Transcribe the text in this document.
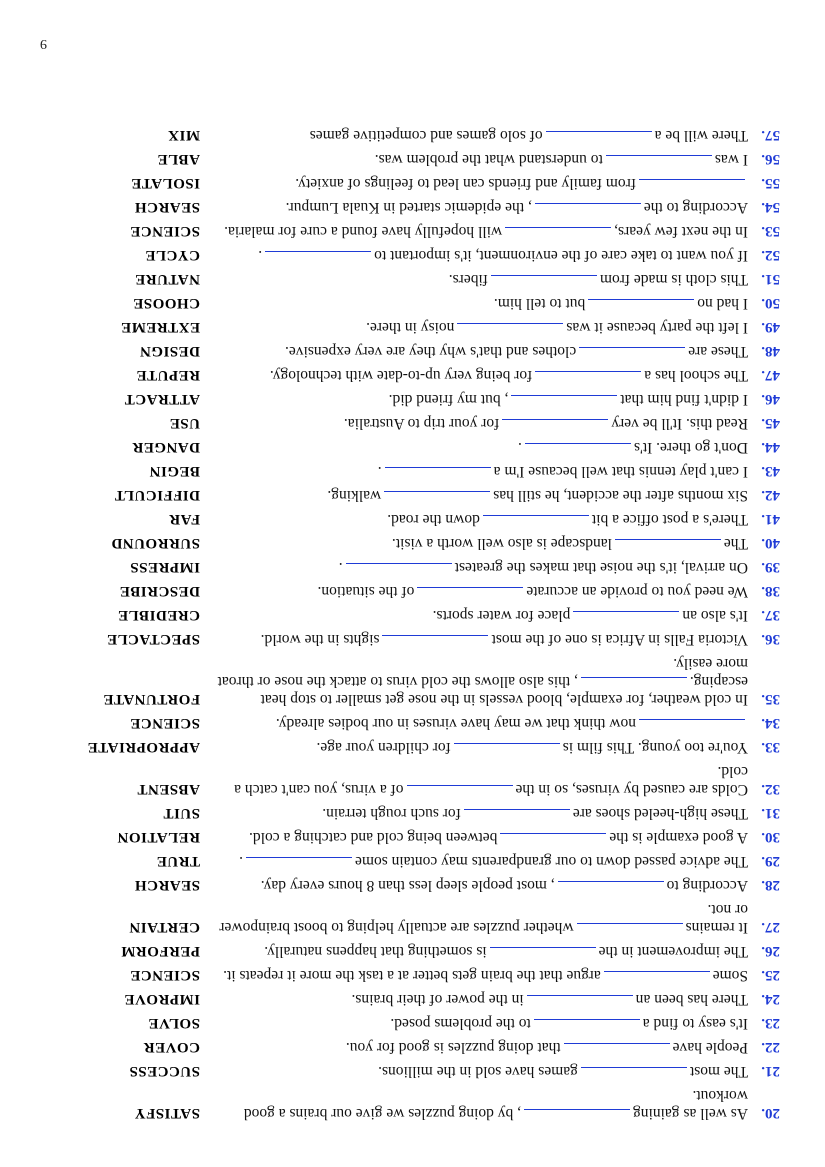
20.
As well as gaining, by doing puzzles we give our brains a good workout.
SATISFY
21.
The mostgames have sold in the millions.
SUCCESS
22.
People havethat doing puzzles is good for you.
COVER
23.
It's easy to find ato the problems posed.
SOLVE
24.
There has been anin the power of their brains.
IMPROVE
25.
Someargue that the brain gets better at a task the more it repeats it.
SCIENCE
26.
The improvement in theis something that happens naturally.
PERFORM
27.
It remainswhether puzzles are actually helping to boost brainpower or not.
CERTAIN
28.
According to, most people sleep less than 8 hours every day.
SEARCH
29.
The advice passed down to our grandparents may contain some.
TRUE
30.
A good example is thebetween being cold and catching a cold.
RELATION
31.
These high-heeled shoes arefor such rough terrain.
SUIT
32.
Colds are caused by viruses, so in theof a virus, you can't catch a cold.
ABSENT
33.
You're too young. This film isfor children your age.
APPROPRIATE
34.
now think that we may have viruses in our bodies already.
SCIENCE
35.
In cold weather, for example, blood vessels in the nose get smaller to stop heat escaping., this also allows the cold virus to attack the nose or throat more easily.
FORTUNATE
36.
Victoria Falls in Africa is one of the mostsights in the world.
SPECTACLE
37.
It's also anplace for water sports.
CREDIBLE
38.
We need you to provide an accurateof the situation.
DESCRIBE
39.
On arrival, it's the noise that makes the greatest.
IMPRESS
40.
Thelandscape is also well worth a visit.
SURROUND
41.
There's a post office a bitdown the road.
FAR
42.
Six months after the accident, he still haswalking.
DIFFICULT
43.
I can't play tennis that well because I'm a.
BEGIN
44.
Don't go there. It's.
DANGER
45.
Read this. It'll be veryfor your trip to Australia.
USE
46.
I didn't find him that, but my friend did.
ATTRACT
47.
The school has afor being very up-to-date with technology.
REPUTE
48.
These areclothes and that's why they are very expensive.
DESIGN
49.
I left the party because it wasnoisy in there.
EXTREME
50.
I had nobut to tell him.
CHOOSE
51.
This cloth is made fromfibers.
NATURE
52.
If you want to take care of the environment, it's important to.
CYCLE
53.
In the next few years,will hopefully have found a cure for malaria.
SCIENCE
54.
According to the, the epidemic started in Kuala Lumpur.
SEARCH
55.
from family and friends can lead to feelings of anxiety.
ISOLATE
56.
I wasto understand what the problem was.
ABLE
57.
There will be aof solo games and competitive games
MIX
9
